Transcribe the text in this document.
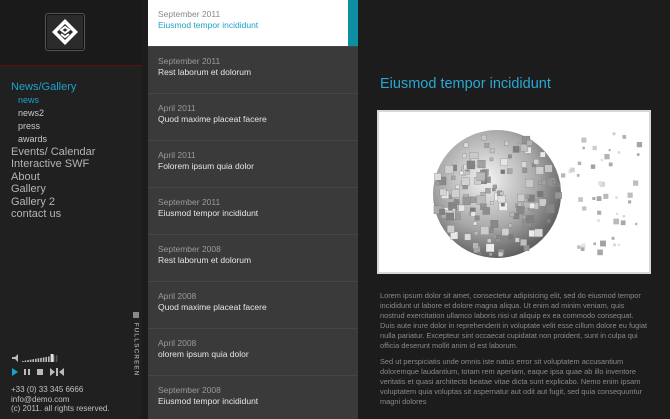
News/Gallery
news
news2
press
awards
Events/ Calendar
Interactive SWF
About
Gallery
Gallery 2
contact us
+33 (0) 33 345 6666
info@demo.com
(c) 2011. all rights reserved.
FULLSCREEN
September 2011
Eiusmod tempor incididunt
September 2011
Rest laborum et dolorum
April 2011
Quod maxime placeat facere
April 2011
Folorem ipsum quia dolor
September 2011
Eiusmod tempor incididunt
September 2008
Rest laborum et dolorum
April 2008
Quod maxime placeat facere
April 2008
olorem ipsum quia dolor
September 2008
Eiusmod tempor incididunt
Eiusmod tempor incididunt

Lorem ipsum dolor sit amet, consectetur adipisicing elit, sed do eiusmod tempor incididunt ut labore et dolore magna aliqua. Ut enim ad minim veniam, quis nostrud exercitation ullamco laboris nisi ut aliquip ex ea commodo consequat. Duis aute irure dolor in reprehenderit in voluptate velit esse cillum dolore eu fugiat nulla pariatur. Excepteur sint occaecat cupidatat non proident, sunt in culpa qui officia deserunt mollit anim id est laborum.

Sed ut perspiciatis unde omnis iste natus error sit voluptatem accusantium doloremque laudantium, totam rem aperiam, eaque ipsa quae ab illo inventore veritatis et quasi architecto beatae vitae dicta sunt explicabo. Nemo enim ipsam voluptatem quia voluptas sit aspernatur aut odit aut fugit, sed quia consequuntur magni dolores
